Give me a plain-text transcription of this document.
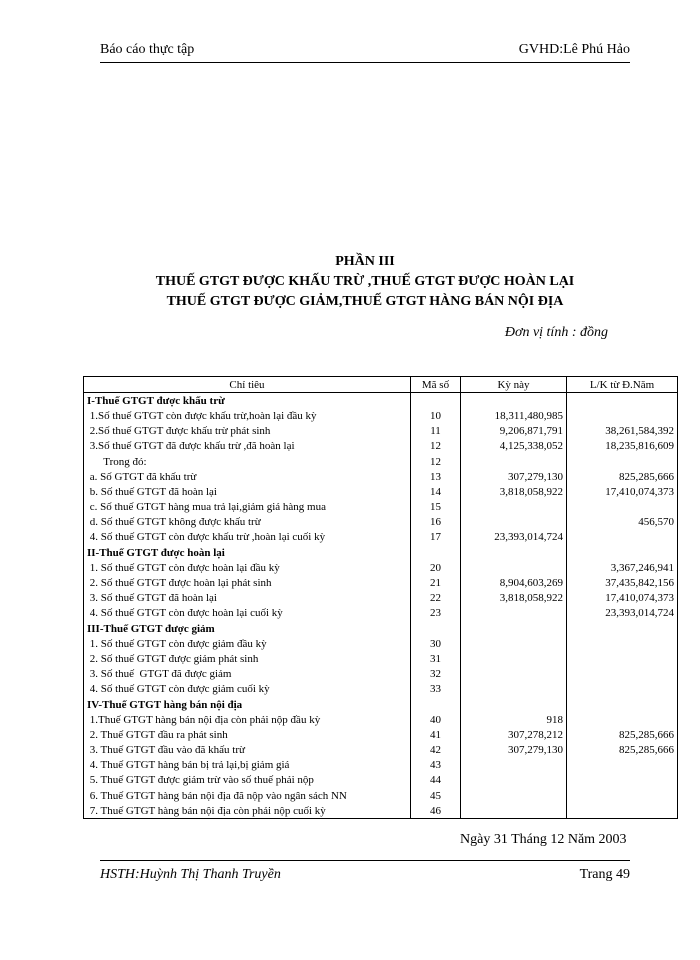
Báo cáo thực tập	GVHD:Lê Phú Hảo
PHẦN III
THUẾ GTGT ĐƯỢC KHẤU TRỪ ,THUẾ GTGT ĐƯỢC HOÀN LẠI
THUẾ GTGT ĐƯỢC GIẢM,THUẾ GTGT HÀNG BÁN NỘI ĐỊA
Đơn vị tính : đồng
Chỉ tiêu	Mã số	Kỳ này	L/K từ Đ.Năm
I-Thuế GTGT được khấu trừ			
1.Số thuế GTGT còn được khấu trừ,hoàn lại đầu kỳ	10	18,311,480,985	
2.Số thuế GTGT được khấu trừ phát sinh	11	9,206,871,791	38,261,584,392
3.Số thuế GTGT đã được khấu trừ ,đã hoàn lại	12	4,125,338,052	18,235,816,609
Trong đó:	12		
a. Số GTGT đã khấu trừ	13	307,279,130	825,285,666
b. Số thuế GTGT đã hoàn lại	14	3,818,058,922	17,410,074,373
c. Số thuế GTGT hàng mua trả lại,giảm giá hàng mua	15		
d. Số thuế GTGT không được khấu trừ	16		456,570
4. Số thuế GTGT còn được khấu trừ ,hoàn lại cuối kỳ	17	23,393,014,724	
II-Thuế GTGT được hoàn lại			
1. Số thuế GTGT còn được hoàn lại đầu kỳ	20		3,367,246,941
2. Số thuế GTGT được hoàn lại phát sinh	21	8,904,603,269	37,435,842,156
3. Số thuế GTGT đã hoàn lại	22	3,818,058,922	17,410,074,373
4. Số thuế GTGT còn được hoàn lại cuối kỳ	23		23,393,014,724
III-Thuế GTGT được giảm			
1. Số thuế GTGT còn được giảm đầu kỳ	30		
2. Số thuế GTGT được giảm phát sinh	31		
3. Số thuế  GTGT đã được giảm	32		
4. Số thuế GTGT còn được giảm cuối kỳ	33		
IV-Thuế GTGT hàng bán nội địa			
1.Thuế GTGT hàng bán nội địa còn phải nộp đầu kỳ	40	918	
2. Thuế GTGT đầu ra phát sinh	41	307,278,212	825,285,666
3. Thuế GTGT đầu vào đã khấu trừ	42	307,279,130	825,285,666
4. Thuế GTGT hàng bán bị trả lại,bị giảm giá	43		
5. Thuế GTGT được giảm trừ vào số thuế phải nộp	44		
6. Thuế GTGT hàng bán nội địa đã nộp vào ngân sách NN	45		
7. Thuế GTGT hàng bán nội địa còn phải nộp cuối kỳ	46		
Ngày 31 Tháng 12 Năm 2003
HSTH:Huỳnh Thị Thanh Truyền	Trang 49
